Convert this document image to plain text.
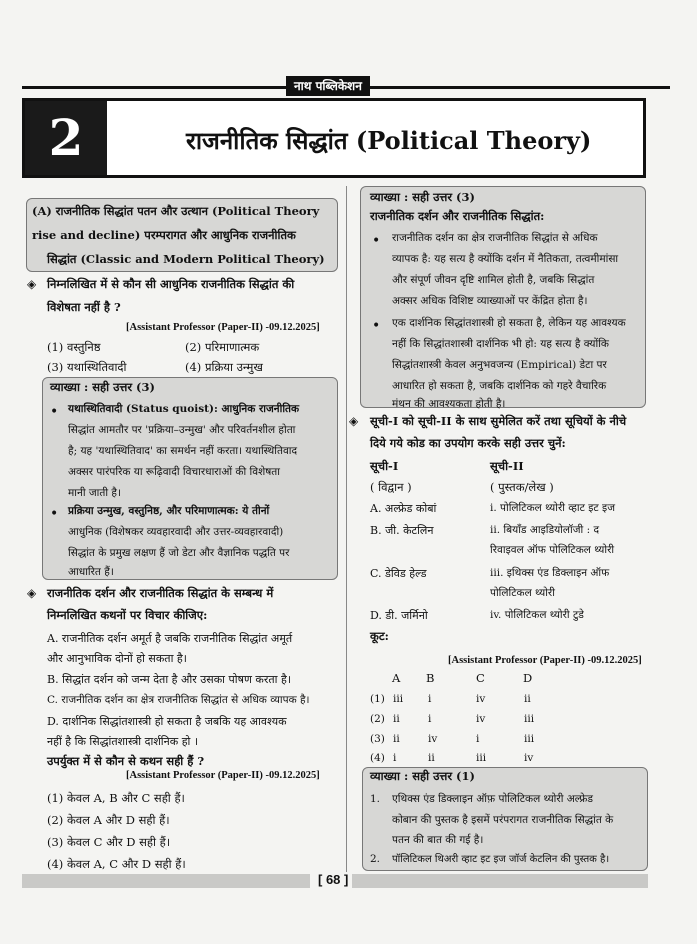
नाथ पब्लिकेशन
2	राजनीतिक सिद्धांत (Political Theory)
(A) राजनीतिक सिद्धांत पतन और उत्थान (Political Theory
rise and decline) परम्परागत और आधुनिक राजनीतिक
सिद्धांत (Classic and Modern Political Theory)
◈ निम्नलिखित में से कौन सी आधुनिक राजनीतिक सिद्धांत की
विशेषता नहीं है ?
[Assistant Professor (Paper-II) -09.12.2025]
(1) वस्तुनिष्ठ	(2) परिमाणात्मक
(3) यथास्थितिवादी	(4) प्रक्रिया उन्मुख
व्याख्या : सही उत्तर (3)
• यथास्थितिवादी (Status quoist): आधुनिक राजनीतिक
सिद्धांत आमतौर पर 'प्रक्रिया–उन्मुख' और परिवर्तनशील होता
है; यह 'यथास्थितिवाद' का समर्थन नहीं करता। यथास्थितिवाद
अक्सर पारंपरिक या रूढ़िवादी विचारधाराओं की विशेषता
मानी जाती है।
• प्रक्रिया उन्मुख, वस्तुनिष्ठ, और परिमाणात्मक: ये तीनों
आधुनिक (विशेषकर व्यवहारवादी और उत्तर-व्यवहारवादी)
सिद्धांत के प्रमुख लक्षण हैं जो डेटा और वैज्ञानिक पद्धति पर
आधारित हैं।
◈ राजनीतिक दर्शन और राजनीतिक सिद्धांत के सम्बन्ध में
निम्नलिखित कथनों पर विचार कीजिए:
A. राजनीतिक दर्शन अमूर्त है जबकि राजनीतिक सिद्धांत अमूर्त
और आनुभाविक दोनों हो सकता है।
B. सिद्धांत दर्शन को जन्म देता है और उसका पोषण करता है।
C. राजनीतिक दर्शन का क्षेत्र राजनीतिक सिद्धांत से अधिक व्यापक है।
D. दार्शनिक सिद्धांतशास्त्री हो सकता है जबकि यह आवश्यक
नहीं है कि सिद्धांतशास्त्री दार्शनिक हो ।
उपर्युक्त में से कौन से कथन सही हैं ?
[Assistant Professor (Paper-II) -09.12.2025]
(1) केवल A, B और C सही हैं।
(2) केवल A और D सही हैं।
(3) केवल C और D सही हैं।
(4) केवल A, C और D सही हैं।
व्याख्या : सही उत्तर (3)
राजनीतिक दर्शन और राजनीतिक सिद्धांत:
• राजनीतिक दर्शन का क्षेत्र राजनीतिक सिद्धांत से अधिक
व्यापक है: यह सत्य है क्योंकि दर्शन में नैतिकता, तत्वमीमांसा
और संपूर्ण जीवन दृष्टि शामिल होती है, जबकि सिद्धांत
अक्सर अधिक विशिष्ट व्याख्याओं पर केंद्रित होता है।
• एक दार्शनिक सिद्धांतशास्त्री हो सकता है, लेकिन यह आवश्यक
नहीं कि सिद्धांतशास्त्री दार्शनिक भी हो: यह सत्य है क्योंकि
सिद्धांतशास्त्री केवल अनुभवजन्य (Empirical) डेटा पर
आधारित हो सकता है, जबकि दार्शनिक को गहरे वैचारिक
मंथन की आवश्यकता होती है।
◈ सूची-I को सूची-II के साथ सुमेलित करें तथा सूचियों के नीचे
दिये गये कोड का उपयोग करके सही उत्तर चुनें:
सूची-I	सूची-II
( विद्वान )	( पुस्तक/लेख )
A. अल्फ्रेड कोबां	i. पोलिटिकल थ्योरी व्हाट इट इज
B. जी. केटलिन	ii. बियॉंड आइडियोलॉजी : द
रिवाइवल ऑफ पोलिटिकल थ्योरी
C. डेविड हेल्ड	iii. इथिक्स एंड डिक्लाइन ऑफ
पोलिटिकल थ्योरी
D. डी. जर्मिनो	iv. पोलिटिकल थ्योरी टुडे
कूट:
[Assistant Professor (Paper-II) -09.12.2025]
A B	C	D
(1) iii i	iv	ii
(2) ii	i	iv	iii
(3) ii	iv	i	iii
(4) i	ii	iii	iv
व्याख्या : सही उत्तर (1)
1. एथिक्स एंड डिक्लाइन ऑफ़ पोलिटिकल थ्योरी अल्फ्रेड
कोबान की पुस्तक है इसमें परंपरागत राजनीतिक सिद्धांत के
पतन की बात की गई है।
2. पॉलिटिकल थिअरी व्हाट इट इज जॉर्ज केटलिन की पुस्तक है।
[ 68 ]
